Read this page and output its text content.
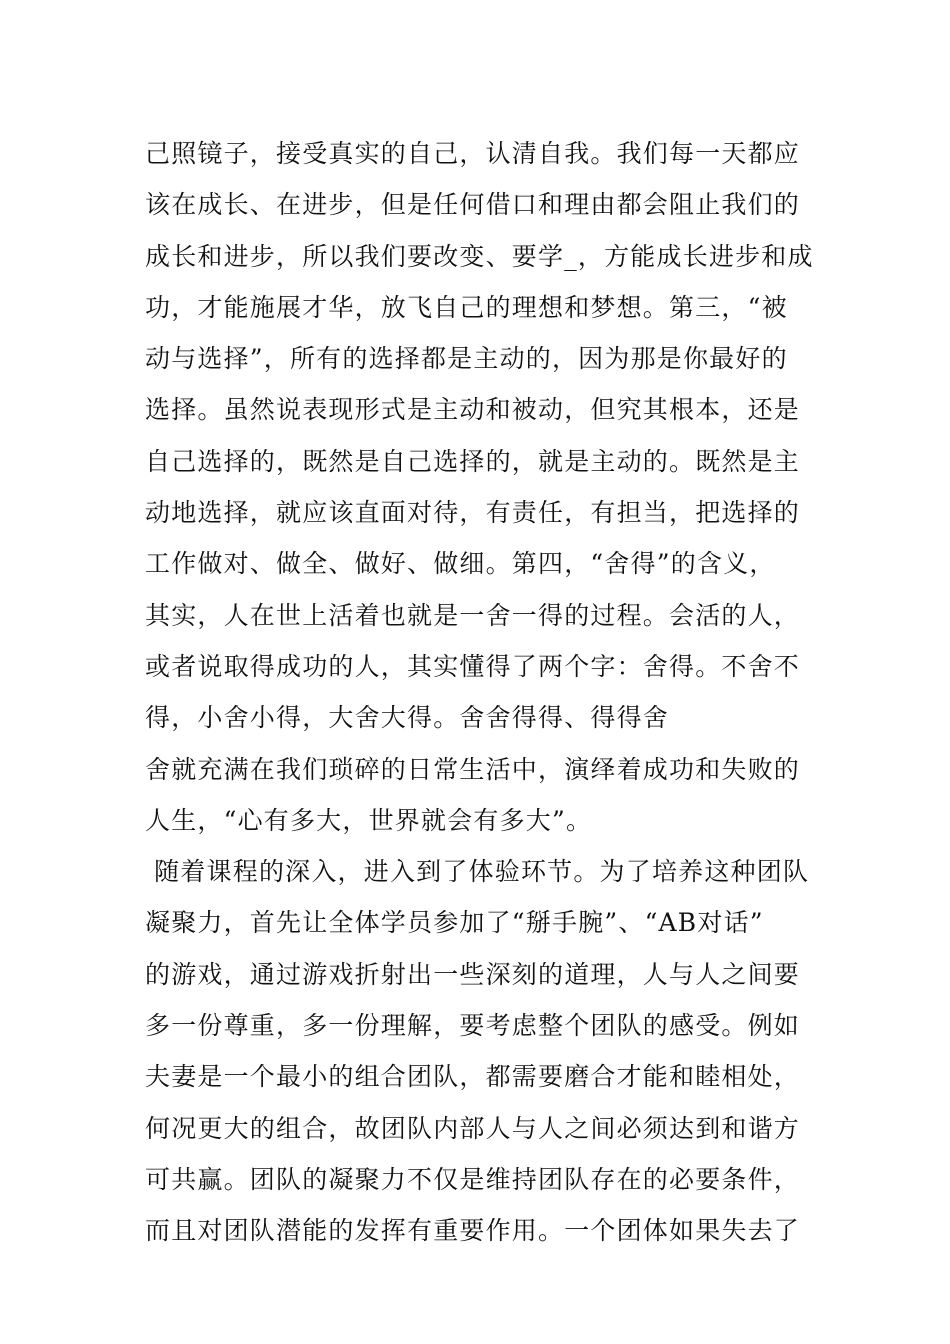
己照镜子，接受真实的自己，认清自我。我们每一天都应
该在成长、在进步，但是任何借口和理由都会阻止我们的
成长和进步，所以我们要改变、要学_，方能成长进步和成
功，才能施展才华，放飞自己的理想和梦想。第三，“被
动与选择”，所有的选择都是主动的，因为那是你最好的
选择。虽然说表现形式是主动和被动，但究其根本，还是
自己选择的，既然是自己选择的，就是主动的。既然是主
动地选择，就应该直面对待，有责任，有担当，把选择的
工作做对、做全、做好、做细。第四，“舍得”的含义，
其实，人在世上活着也就是一舍一得的过程。会活的人，
或者说取得成功的人，其实懂得了两个字：舍得。不舍不
得，小舍小得，大舍大得。舍舍得得、得得舍
舍就充满在我们琐碎的日常生活中，演绎着成功和失败的
人生，“心有多大，世界就会有多大”。
随着课程的深入，进入到了体验环节。为了培养这种团队
凝聚力，首先让全体学员参加了“掰手腕”、“AB对话”
的游戏，通过游戏折射出一些深刻的道理，人与人之间要
多一份尊重，多一份理解，要考虑整个团队的感受。例如
夫妻是一个最小的组合团队，都需要磨合才能和睦相处，
何况更大的组合，故团队内部人与人之间必须达到和谐方
可共赢。团队的凝聚力不仅是维持团队存在的必要条件，
而且对团队潜能的发挥有重要作用。一个团体如果失去了
